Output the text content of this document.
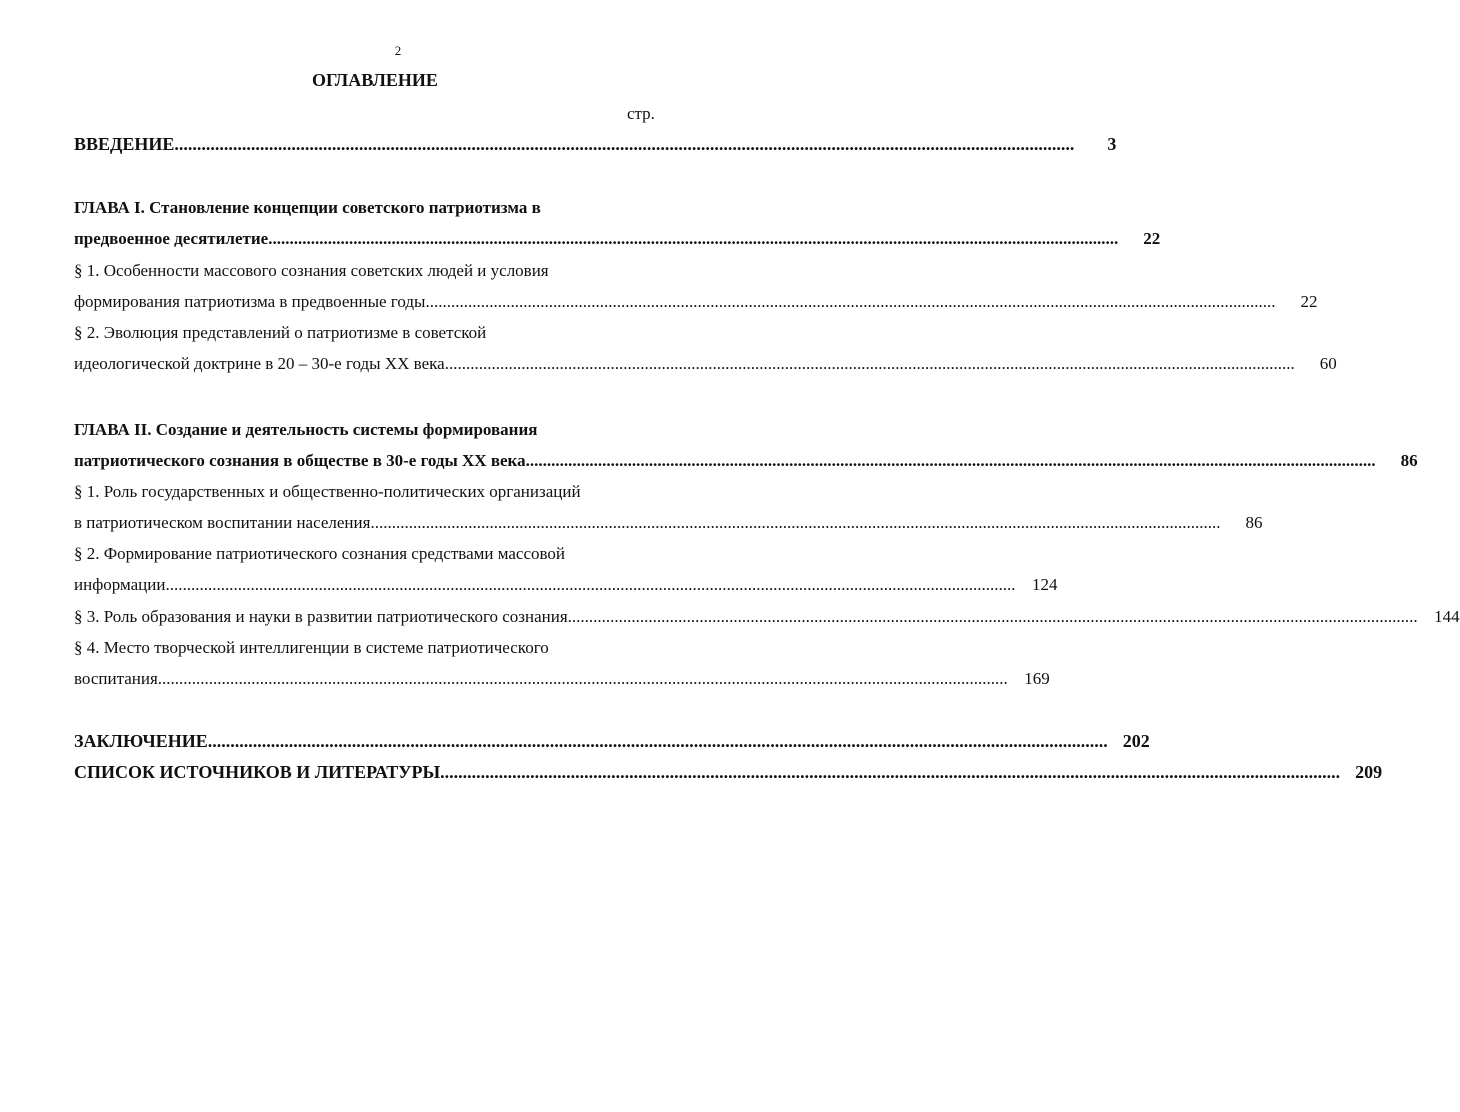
2
ОГЛАВЛЕНИЕ
стр.
ВВЕДЕНИЕ ........................................................................................................................................................................................................	3
ГЛАВА I. Становление концепции советского патриотизма в
предвоенное десятилетие ........................................................................................................................................................................................................	22
§ 1. Особенности массового сознания советских людей и условия
формирования патриотизма в предвоенные годы ........................................................................................................................................................................................................	22
§ 2. Эволюция представлений о патриотизме в советской
идеологической доктрине в 20 – 30-е годы XX века ........................................................................................................................................................................................................	60
ГЛАВА II. Создание и деятельность системы формирования
патриотического сознания в обществе в 30-е годы XX века ........................................................................................................................................................................................................	86
§ 1. Роль государственных и общественно-политических организаций
в патриотическом воспитании населения ........................................................................................................................................................................................................	86
§ 2. Формирование патриотического сознания средствами массовой
информации ........................................................................................................................................................................................................ 124
§ 3. Роль образования и науки в развитии патриотического сознания ........................................................................................................................................................................................................ 144
§ 4. Место творческой интеллигенции в системе патриотического
воспитания ........................................................................................................................................................................................................ 169
ЗАКЛЮЧЕНИЕ ........................................................................................................................................................................................................ 202
СПИСОК ИСТОЧНИКОВ И ЛИТЕРАТУРЫ ........................................................................................................................................................................................................ 209
